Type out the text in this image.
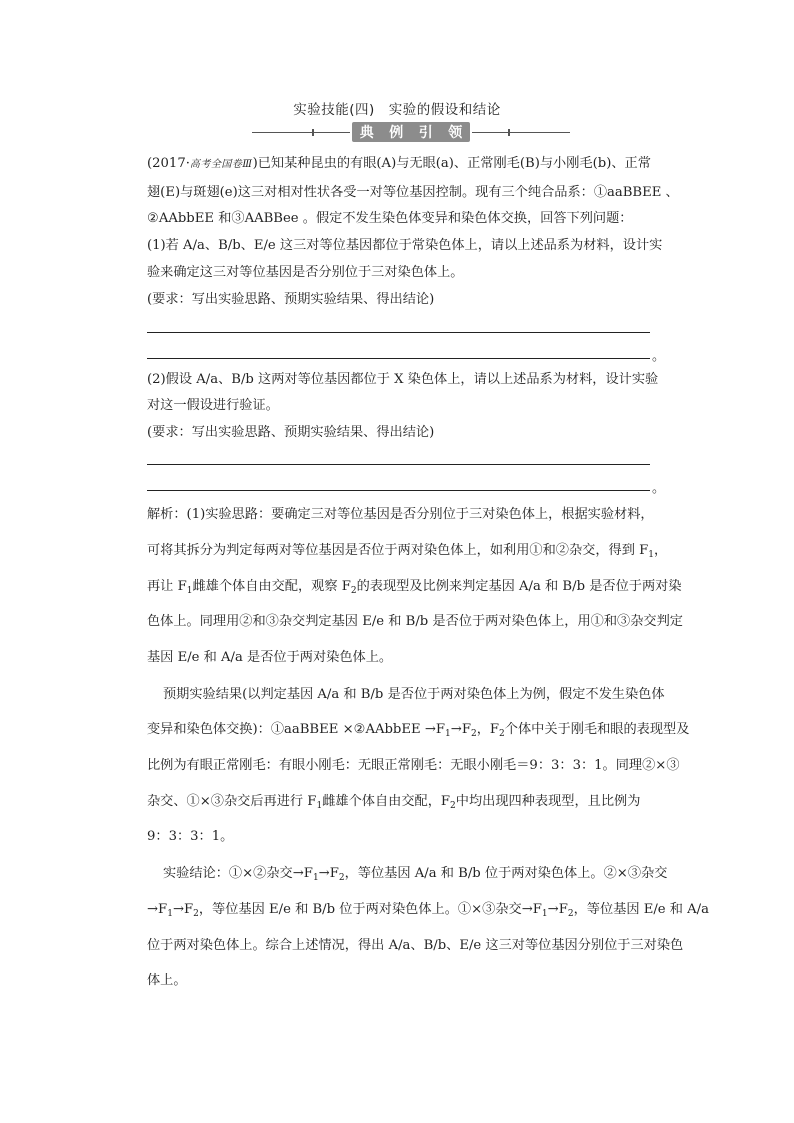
实验技能(四)　实验的假设和结论
典 例 引 领
(2017·高考全国卷Ⅲ)已知某种昆虫的有眼(A)与无眼(a)、正常刚毛(B)与小刚毛(b)、正常
翅(E)与斑翅(e)这三对相对性状各受一对等位基因控制。现有三个纯合品系：①aaBBEE 、
②AAbbEE 和③AABBee 。假定不发生染色体变异和染色体交换，回答下列问题：
(1)若 A/a、B/b、E/e 这三对等位基因都位于常染色体上，请以上述品系为材料，设计实
验来确定这三对等位基因是否分别位于三对染色体上。
(要求：写出实验思路、预期实验结果、得出结论)
。
(2)假设 A/a、B/b 这两对等位基因都位于 X 染色体上，请以上述品系为材料，设计实验
对这一假设进行验证。
(要求：写出实验思路、预期实验结果、得出结论)
。
解析：(1)实验思路：要确定三对等位基因是否分别位于三对染色体上，根据实验材料，
可将其拆分为判定每两对等位基因是否位于两对染色体上，如利用①和②杂交，得到 $F_1$，
再让 $F_1$雌雄个体自由交配，观察 $F_2$的表现型及比例来判定基因 A/a 和 B/b 是否位于两对染
色体上。同理用②和③杂交判定基因 E/e 和 B/b 是否位于两对染色体上，用①和③杂交判定
基因 E/e 和 A/a 是否位于两对染色体上。
预期实验结果(以判定基因 A/a 和 B/b 是否位于两对染色体上为例，假定不发生染色体
变异和染色体交换)：①aaBBEE ×②AAbbEE $\to F_1\to F_2$，$F_2$个体中关于刚毛和眼的表现型及
比例为有眼正常刚毛：有眼小刚毛：无眼正常刚毛：无眼小刚毛＝9：3：3：1。同理②×③
杂交、①×③杂交后再进行 $F_1$雌雄个体自由交配，$F_2$中均出现四种表现型，且比例为
9：3：3：1。
实验结论：①×②杂交$\to F_1\to F_2$，等位基因 A/a 和 B/b 位于两对染色体上。②×③杂交
$\to F_1\to F_2$，等位基因 E/e 和 B/b 位于两对染色体上。①×③杂交$\to F_1\to F_2$，等位基因 E/e 和 A/a
位于两对染色体上。综合上述情况，得出 A/a、B/b、E/e 这三对等位基因分别位于三对染色
体上。
